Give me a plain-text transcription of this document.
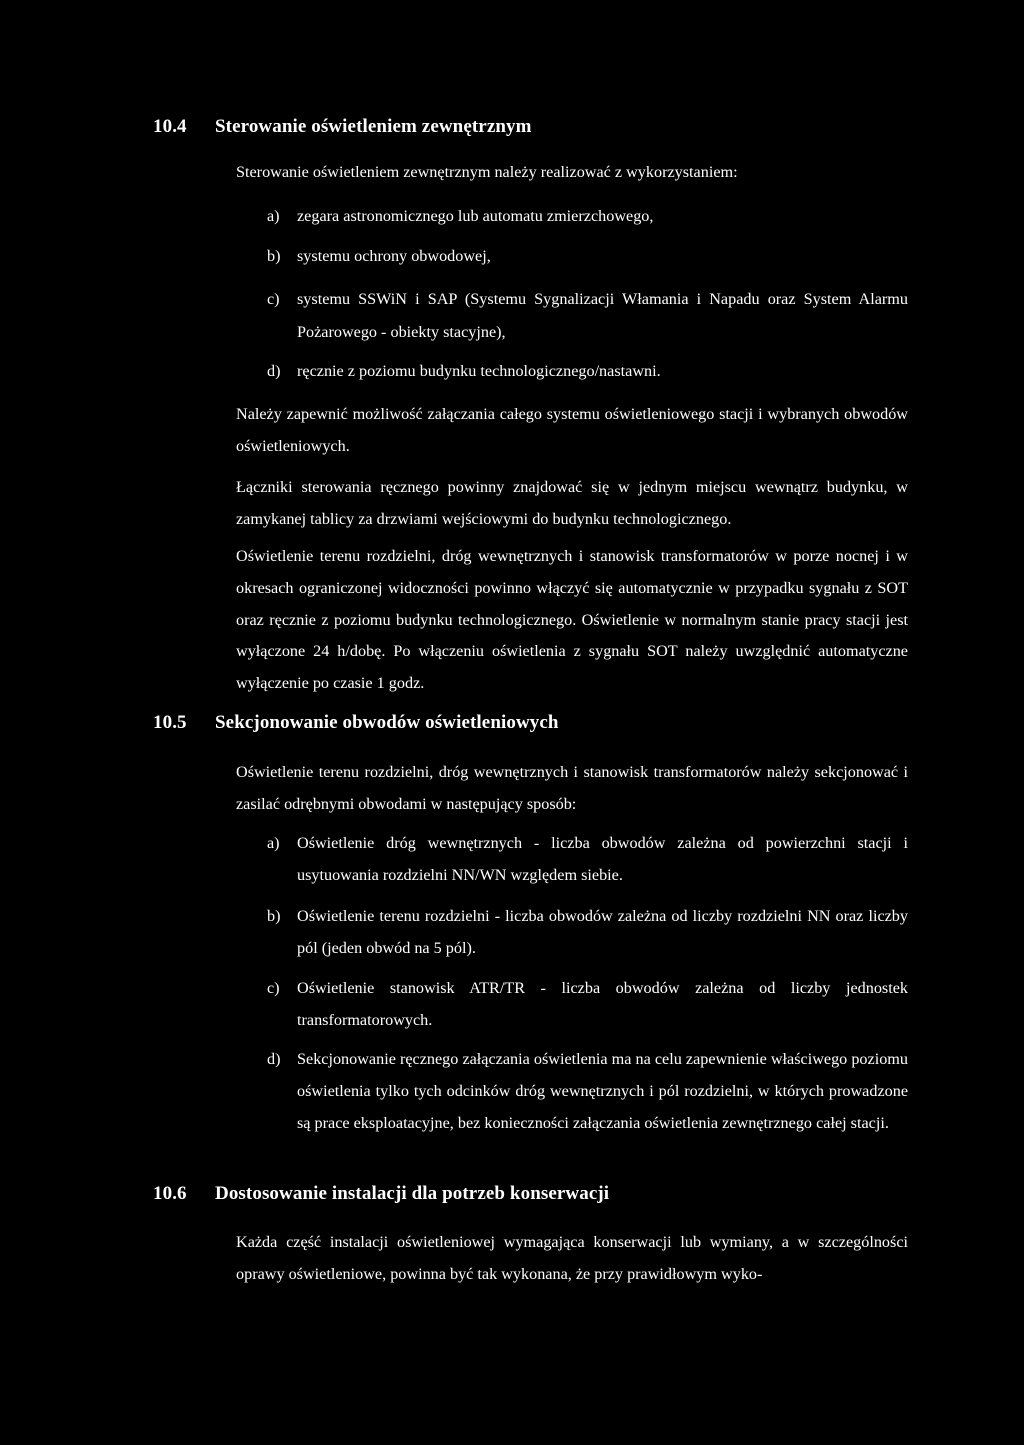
10.4 Sterowanie oświetleniem zewnętrznym
Sterowanie oświetleniem zewnętrznym należy realizować z wykorzystaniem:
a) zegara astronomicznego lub automatu zmierzchowego,
b) systemu ochrony obwodowej,
c) systemu SSWiN i SAP (Systemu Sygnalizacji Włamania i Napadu oraz System Alarmu Pożarowego - obiekty stacyjne),
d) ręcznie z poziomu budynku technologicznego/nastawni.
Należy zapewnić możliwość załączania całego systemu oświetleniowego stacji i wybranych obwodów oświetleniowych.
Łączniki sterowania ręcznego powinny znajdować się w jednym miejscu wewnątrz budynku, w zamykanej tablicy za drzwiami wejściowymi do budynku technologicznego.
Oświetlenie terenu rozdzielni, dróg wewnętrznych i stanowisk transformatorów w porze nocnej i w okresach ograniczonej widoczności powinno włączyć się automatycznie w przypadku sygnału z SOT oraz ręcznie z poziomu budynku technologicznego. Oświetlenie w normalnym stanie pracy stacji jest wyłączone 24 h/dobę. Po włączeniu oświetlenia z sygnału SOT należy uwzględnić automatyczne wyłączenie po czasie 1 godz.
10.5 Sekcjonowanie obwodów oświetleniowych
Oświetlenie terenu rozdzielni, dróg wewnętrznych i stanowisk transformatorów należy sekcjonować i zasilać odrębnymi obwodami w następujący sposób:
a) Oświetlenie dróg wewnętrznych - liczba obwodów zależna od powierzchni stacji i usytuowania rozdzielni NN/WN względem siebie.
b) Oświetlenie terenu rozdzielni - liczba obwodów zależna od liczby rozdzielni NN oraz liczby pól (jeden obwód na 5 pól).
c) Oświetlenie stanowisk ATR/TR - liczba obwodów zależna od liczby jednostek transformatorowych.
d) Sekcjonowanie ręcznego załączania oświetlenia ma na celu zapewnienie właściwego poziomu oświetlenia tylko tych odcinków dróg wewnętrznych i pól rozdzielni, w których prowadzone są prace eksploatacyjne, bez konieczności załączania oświetlenia zewnętrznego całej stacji.
10.6 Dostosowanie instalacji dla potrzeb konserwacji
Każda część instalacji oświetleniowej wymagająca konserwacji lub wymiany, a w szczególności oprawy oświetleniowe, powinna być tak wykonana, że przy prawidłowym wyko-
